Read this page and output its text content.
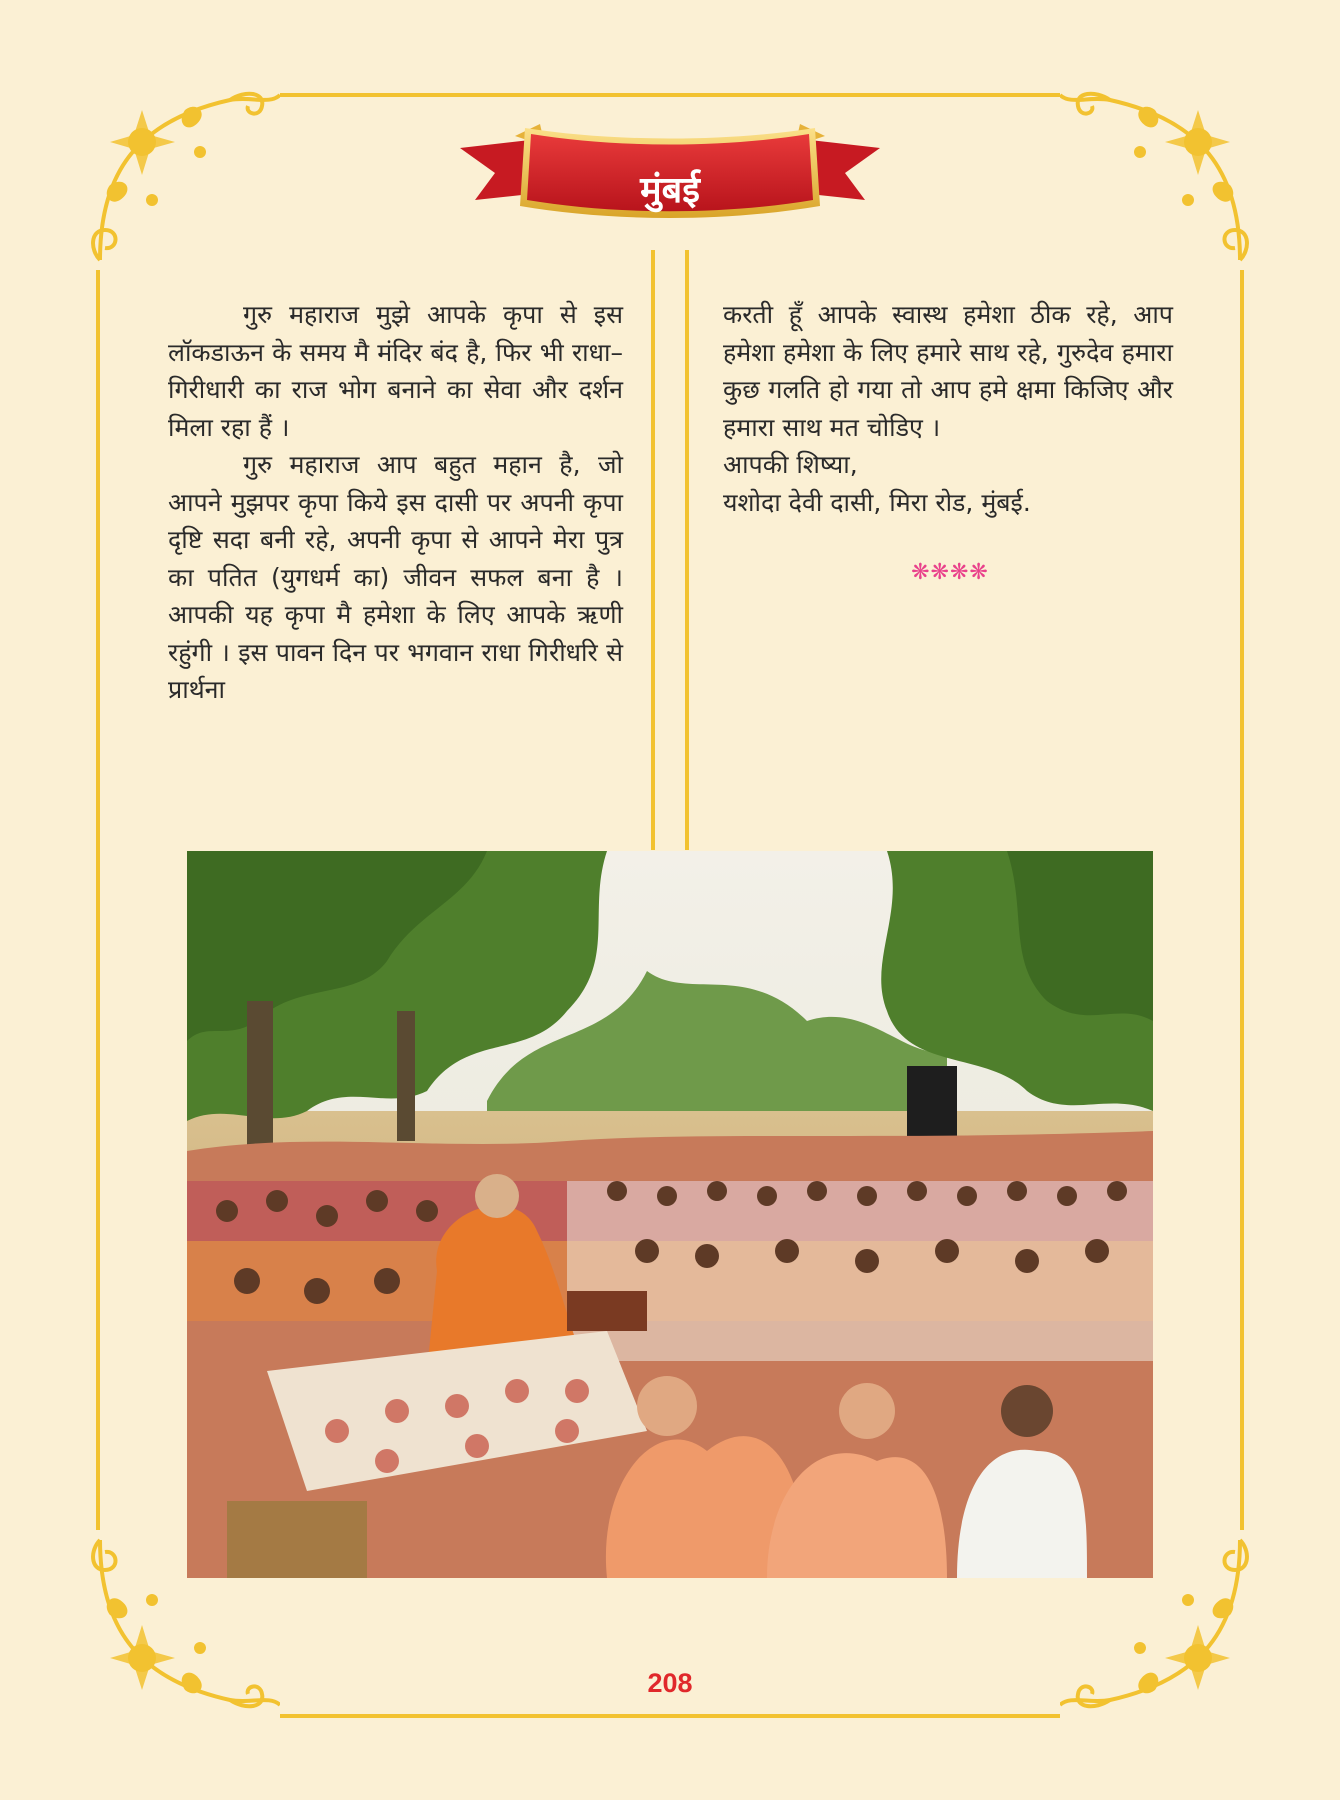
मुंबई

गुरु महाराज मुझे आपके कृपा से इस लॉकडाऊन के समय मै मंदिर बंद है, फिर भी राधा–गिरीधारी का राज भोग बनाने का सेवा और दर्शन मिला रहा हैं ।

गुरु महाराज आप बहुत महान है, जो आपने मुझपर कृपा किये इस दासी पर अपनी कृपा दृष्टि सदा बनी रहे, अपनी कृपा से आपने मेरा पुत्र का पतित (युगधर्म का) जीवन सफल बना है । आपकी यह कृपा मै हमेशा के लिए आपके ऋणी रहुंगी । इस पावन दिन पर भगवान राधा गिरीधरि से प्रार्थना

करती हूँ आपके स्वास्थ हमेशा ठीक रहे, आप हमेशा हमेशा के लिए हमारे साथ रहे, गुरुदेव हमारा कुछ गलति हो गया तो आप हमे क्षमा किजिए और हमारा साथ मत चोडिए ।

आपकी शिष्या,

यशोदा देवी दासी, मिरा रोड, मुंबई.

❋❋❋❋
208
